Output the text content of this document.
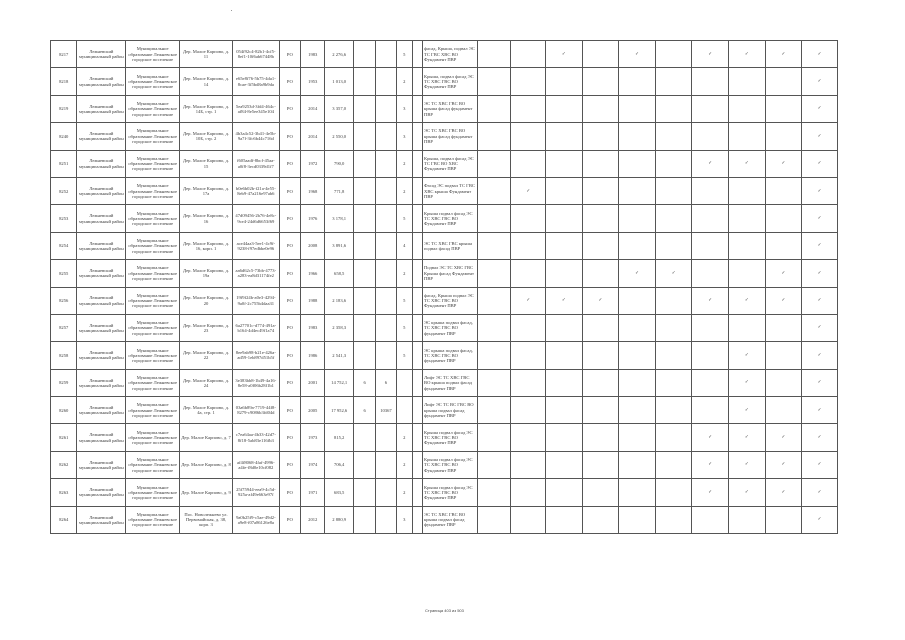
8217	Лежневский муниципальный район	Муниципальное образование Лежневское городское поселение	Дер. Малое Карпово, д. 11	054f92c4-82b1-4cf5-8ef1-10f6ab67448b	РО	1983	2 276,6			5		фасад, Крыша, подвал ЭС ТС ГВС ХВС ВО Фундамент ПВР			✓		✓		✓	✓	✓	✓
8218	Лежневский муниципальный район	Муниципальное образование Лежневское городское поселение	Дер. Малое Карпово, д. 14	e65e8f76-5b75-4da1-8cae-3f5bd8a9b9da	РО	1953	1 013,0			2		Крыша, подвал фасад ЭС ТС ХВС ГВС ВО Фундамент ПВР										✓
8219	Лежневский муниципальный район	Муниципальное образование Лежневское городское поселение	Дер. Малое Карпово, д. 14Б, стр. 1	5ea9253d-3fd4-464c-af84-8e5ee345e104	РО	2014	3 357,0			3		ЭС ТС ХВС ГВС ВО крыша фасад фундамент ПВР										✓
8240	Лежневский муниципальный район	Муниципальное образование Лежневское городское поселение	Дер. Малое Карпово, д. 10Б, стр. 2	4b3a4c52-3b41-4e5b-9a7f-3fc6b44c716d	РО	2014	2 550,0			3		ЭС ТС ХВС ГВС ВО крыша фасад фундамент ПВР										✓
8251	Лежневский муниципальный район	Муниципальное образование Лежневское городское поселение	Дер. Малое Карпово, д. 15	f605aadf-8bcf-45aa-a0f8-3ecd0339d1f7	РО	1972	790,0			2		Крыша, подвал фасад ЭС ТС ГВС ВО ХВС Фундамент ПВР							✓	✓	✓	✓
8252	Лежневский муниципальный район	Муниципальное образование Лежневское городское поселение	Дер. Малое Карпово, д. 17а	b0e6b02b-f21a-4e55-8eb9-47a216e97ab6	РО	1968	771,8			2		Фасад ЭС подвал ТС ГВС ХВС крыша Фундамент ПВР		✓								✓
8253	Лежневский муниципальный район	Муниципальное образование Лежневское городское поселение	Дер. Малое Карпово, д. 16	47d09456-2b76-4e8c-9ce4-24d6d6653f69	РО	1976	3 178,1			5		Крыша подвал фасад ЭС ТС ХВС ГВС ВО Фундамент ПВР										✓
8254	Лежневский муниципальный район	Муниципальное образование Лежневское городское поселение	Дер. Малое Карпово, д. 16, корп. 1	ace44aa3-5ee1-4c9f-9238-f97edbbe0e96	РО	2008	3 891,6			4		ЭС ТС ХВС ГВС крыша подвал фасад ПВР										✓
8255	Лежневский муниципальный район	Муниципальное образование Лежневское городское поселение	Дер. Малое Карпово, д. 19а	aa6d62c5-73bb-4773-a283-ea8d31174fe2	РО	1966	658,5			2		Подвал ЭС ТС ХВС ГВС Крыша фасад Фундамент ПВР					✓	✓			✓	✓
8256	Лежневский муниципальный район	Муниципальное образование Лежневское городское поселение	Дер. Малое Карпово, д. 20	19f9f24b-a0e3-4294-9a0f-2c755b4daa31	РО	1988	2 183,6			5		фасад, Крыша подвал ЭС ТС ХВС ГВС ВО Фундамент ПВР		✓	✓	✓			✓	✓	✓	✓
8257	Лежневский муниципальный район	Муниципальное образование Лежневское городское поселение	Дер. Малое Карпово, д. 23	6a27701c-d774-491a-b164-4d4ec49f1a74	РО	1983	2 358,3			5		ЭС крыша подвал фасад, ТС ХВС ГВС ВО фундамент ПВР										✓
8258	Лежневский муниципальный район	Муниципальное образование Лежневское городское поселение	Дер. Малое Карпово, д. 22	8ee9ab98-b21e-426a-ad59-1eb897d51b5f	РО	1986	2 541,3			5		ЭС крыша подвал фасад, ТС ХВС ГВС ВО фундамент ПВР								✓		✓
8259	Лежневский муниципальный район	Муниципальное образование Лежневское городское поселение	Дер. Малое Карпово, д. 24	3e383bb8-1b49-4a16-8e58-a0f06b28f1b1	РО	2001	14 752,1	6	6			Лифт ЭС ТС ХВС ГВС ВО крыша подвал фасад фундамент ПВР								✓		✓
8260	Лежневский муниципальный район	Муниципальное образование Лежневское городское поселение	Дер. Малое Карпово, д. 4а, стр. 1	03a6b89a-7719-44f8-8279-c9086b3fd04d	РО	2005	17 952,6	6	10367			Лифт ЭС ТС ВС ГВС ВО крыша подвал фасад фундамент ПВР								✓		✓
8261	Лежневский муниципальный район	Муниципальное образование Лежневское городское поселение	Дер. Малое Карпово, д. 7	c7ea64aa-4b33-42d7-8f18-5ab83e116fb3	РО	1973	815,2			2		Крыша подвал фасад ЭС ТС ХВС ГВС ВО Фундамент ПВР							✓	✓	✓	✓
8262	Лежневский муниципальный район	Муниципальное образование Лежневское городское поселение	Дер. Малое Карпово, д. 8	af4f8068-4faf-4996-a4fe-f8d0e10cf082	РО	1974	706,4			2		Крыша подвал фасад ЭС ТС ХВС ГВС ВО Фундамент ПВР							✓	✓	✓	✓
8263	Лежневский муниципальный район	Муниципальное образование Лежневское городское поселение	Дер. Малое Карпово, д. 9	25f75944-eea9-4c5d-925a-af49e663e97f	РО	1971	683,5			2		Крыша подвал фасад ЭС ТС ХВС ГВС ВО Фундамент ПВР							✓	✓	✓	✓
8264	Лежневский муниципальный район	Муниципальное образование Лежневское городское поселение	Пос. Новолежнево ул. Первомайская, д. 38, корп. 3	9a0b25f9-c5ae-49d2-a9e8-f07a86126e8a	РО	2012	2 880,9			3		ЭС ТС ХВС ГВС ВО крыша подвал фасад фундамент ПВР										✓
Страница 403 из 503
